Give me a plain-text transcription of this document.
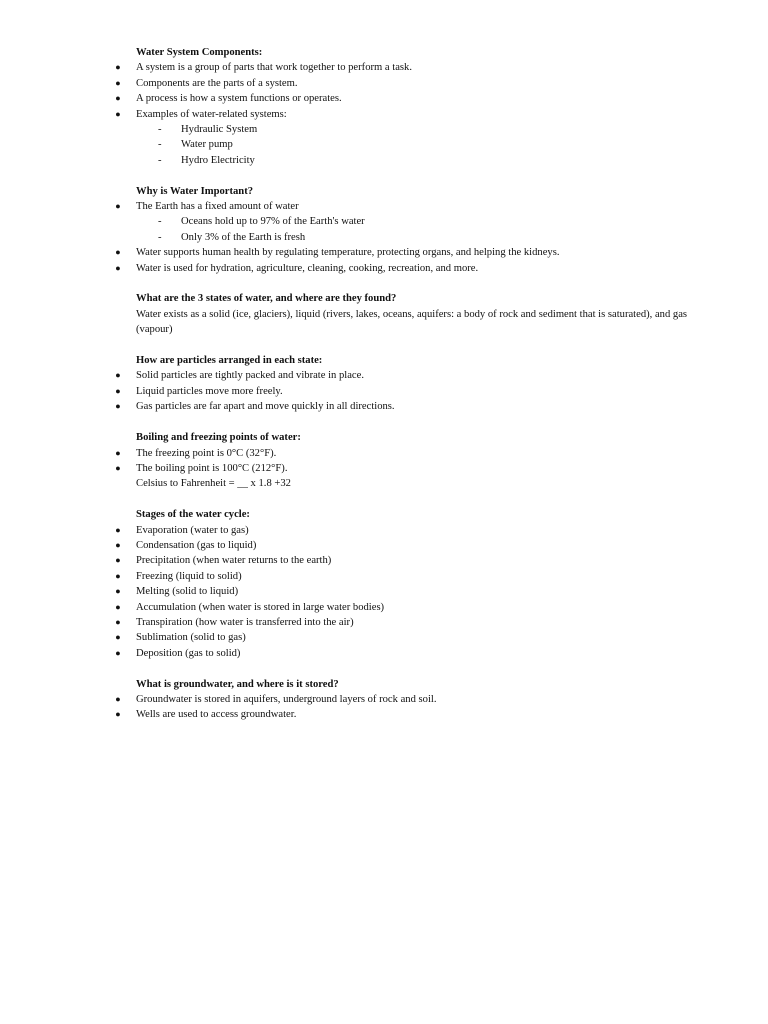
Water System Components:
● A system is a group of parts that work together to perform a task.
● Components are the parts of a system.
● A process is how a system functions or operates.
● Examples of water-related systems:
- Hydraulic System
- Water pump
- Hydro Electricity
Why is Water Important?
● The Earth has a fixed amount of water
- Oceans hold up to 97% of the Earth's water
- Only 3% of the Earth is fresh
● Water supports human health by regulating temperature, protecting organs, and helping the kidneys.
● Water is used for hydration, agriculture, cleaning, cooking, recreation, and more.
What are the 3 states of water, and where are they found?
Water exists as a solid (ice, glaciers), liquid (rivers, lakes, oceans, aquifers: a body of rock and sediment that is saturated), and gas (vapour)
How are particles arranged in each state:
● Solid particles are tightly packed and vibrate in place.
● Liquid particles move more freely.
● Gas particles are far apart and move quickly in all directions.
Boiling and freezing points of water:
● The freezing point is 0°C (32°F).
● The boiling point is 100°C (212°F).
Celsius to Fahrenheit = __ x 1.8 +32
Stages of the water cycle:
● Evaporation (water to gas)
● Condensation (gas to liquid)
● Precipitation (when water returns to the earth)
● Freezing (liquid to solid)
● Melting (solid to liquid)
● Accumulation (when water is stored in large water bodies)
● Transpiration (how water is transferred into the air)
● Sublimation (solid to gas)
● Deposition (gas to solid)
What is groundwater, and where is it stored?
● Groundwater is stored in aquifers, underground layers of rock and soil.
● Wells are used to access groundwater.
